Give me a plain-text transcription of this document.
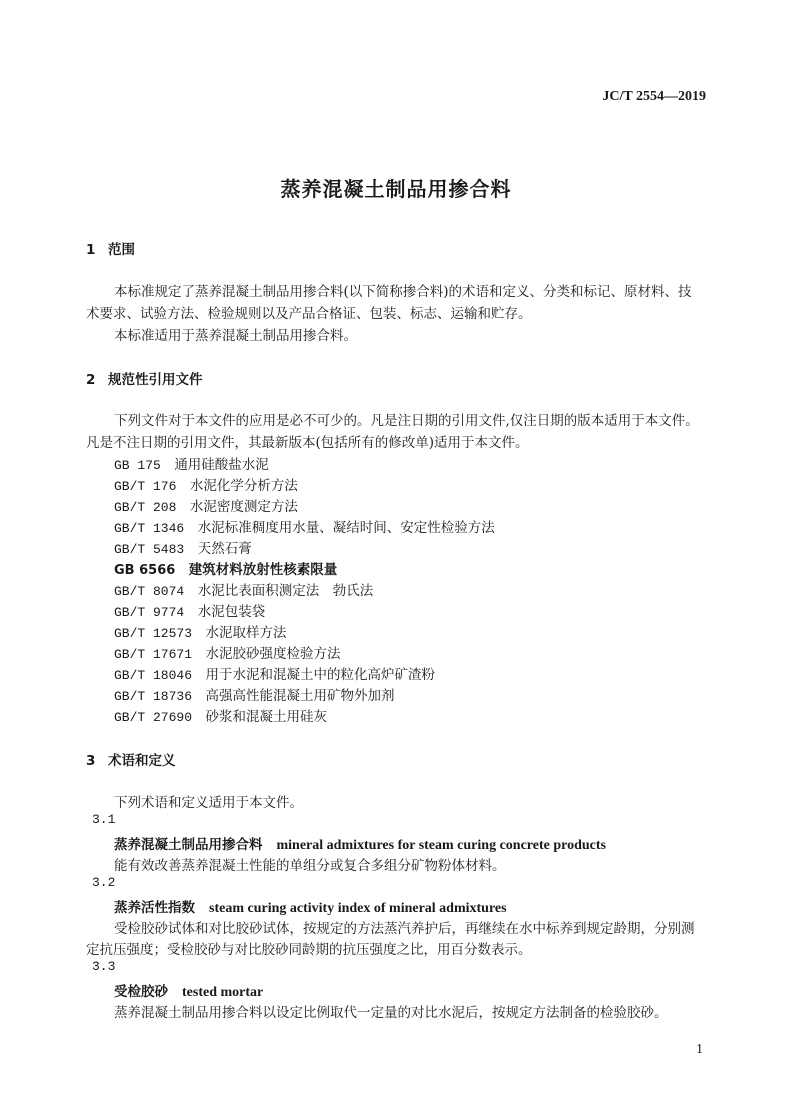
JC/T 2554—2019
蒸养混凝土制品用掺合料
1 范围
本标准规定了蒸养混凝土制品用掺合料(以下简称掺合料)的术语和定义、分类和标记、原材料、技
术要求、试验方法、检验规则以及产品合格证、包装、标志、运输和贮存。
本标准适用于蒸养混凝土制品用掺合料。
2 规范性引用文件
下列文件对于本文件的应用是必不可少的。凡是注日期的引用文件,仅注日期的版本适用于本文件。
凡是不注日期的引用文件，其最新版本(包括所有的修改单)适用于本文件。
GB 175　 通用硅酸盐水泥
GB/T 176　 水泥化学分析方法
GB/T 208　 水泥密度测定方法
GB/T 1346　 水泥标准稠度用水量、凝结时间、安定性检验方法
GB/T 5483　 天然石膏
GB 6566　 建筑材料放射性核素限量
GB/T 8074　 水泥比表面积测定法　勃氏法
GB/T 9774　 水泥包装袋
GB/T 12573　 水泥取样方法
GB/T 17671　 水泥胶砂强度检验方法
GB/T 18046　 用于水泥和混凝土中的粒化高炉矿渣粉
GB/T 18736　 高强高性能混凝土用矿物外加剂
GB/T 27690　 砂浆和混凝土用硅灰
3 术语和定义
下列术语和定义适用于本文件。
3.1
蒸养混凝土制品用掺合料 mineral admixtures for steam curing concrete products
能有效改善蒸养混凝土性能的单组分或复合多组分矿物粉体材料。
3.2
蒸养活性指数 steam curing activity index of mineral admixtures
受检胶砂试体和对比胶砂试体，按规定的方法蒸汽养护后，再继续在水中标养到规定龄期，分别测
定抗压强度；受检胶砂与对比胶砂同龄期的抗压强度之比，用百分数表示。
3.3
受检胶砂 tested mortar
蒸养混凝土制品用掺合料以设定比例取代一定量的对比水泥后，按规定方法制备的检验胶砂。
1
